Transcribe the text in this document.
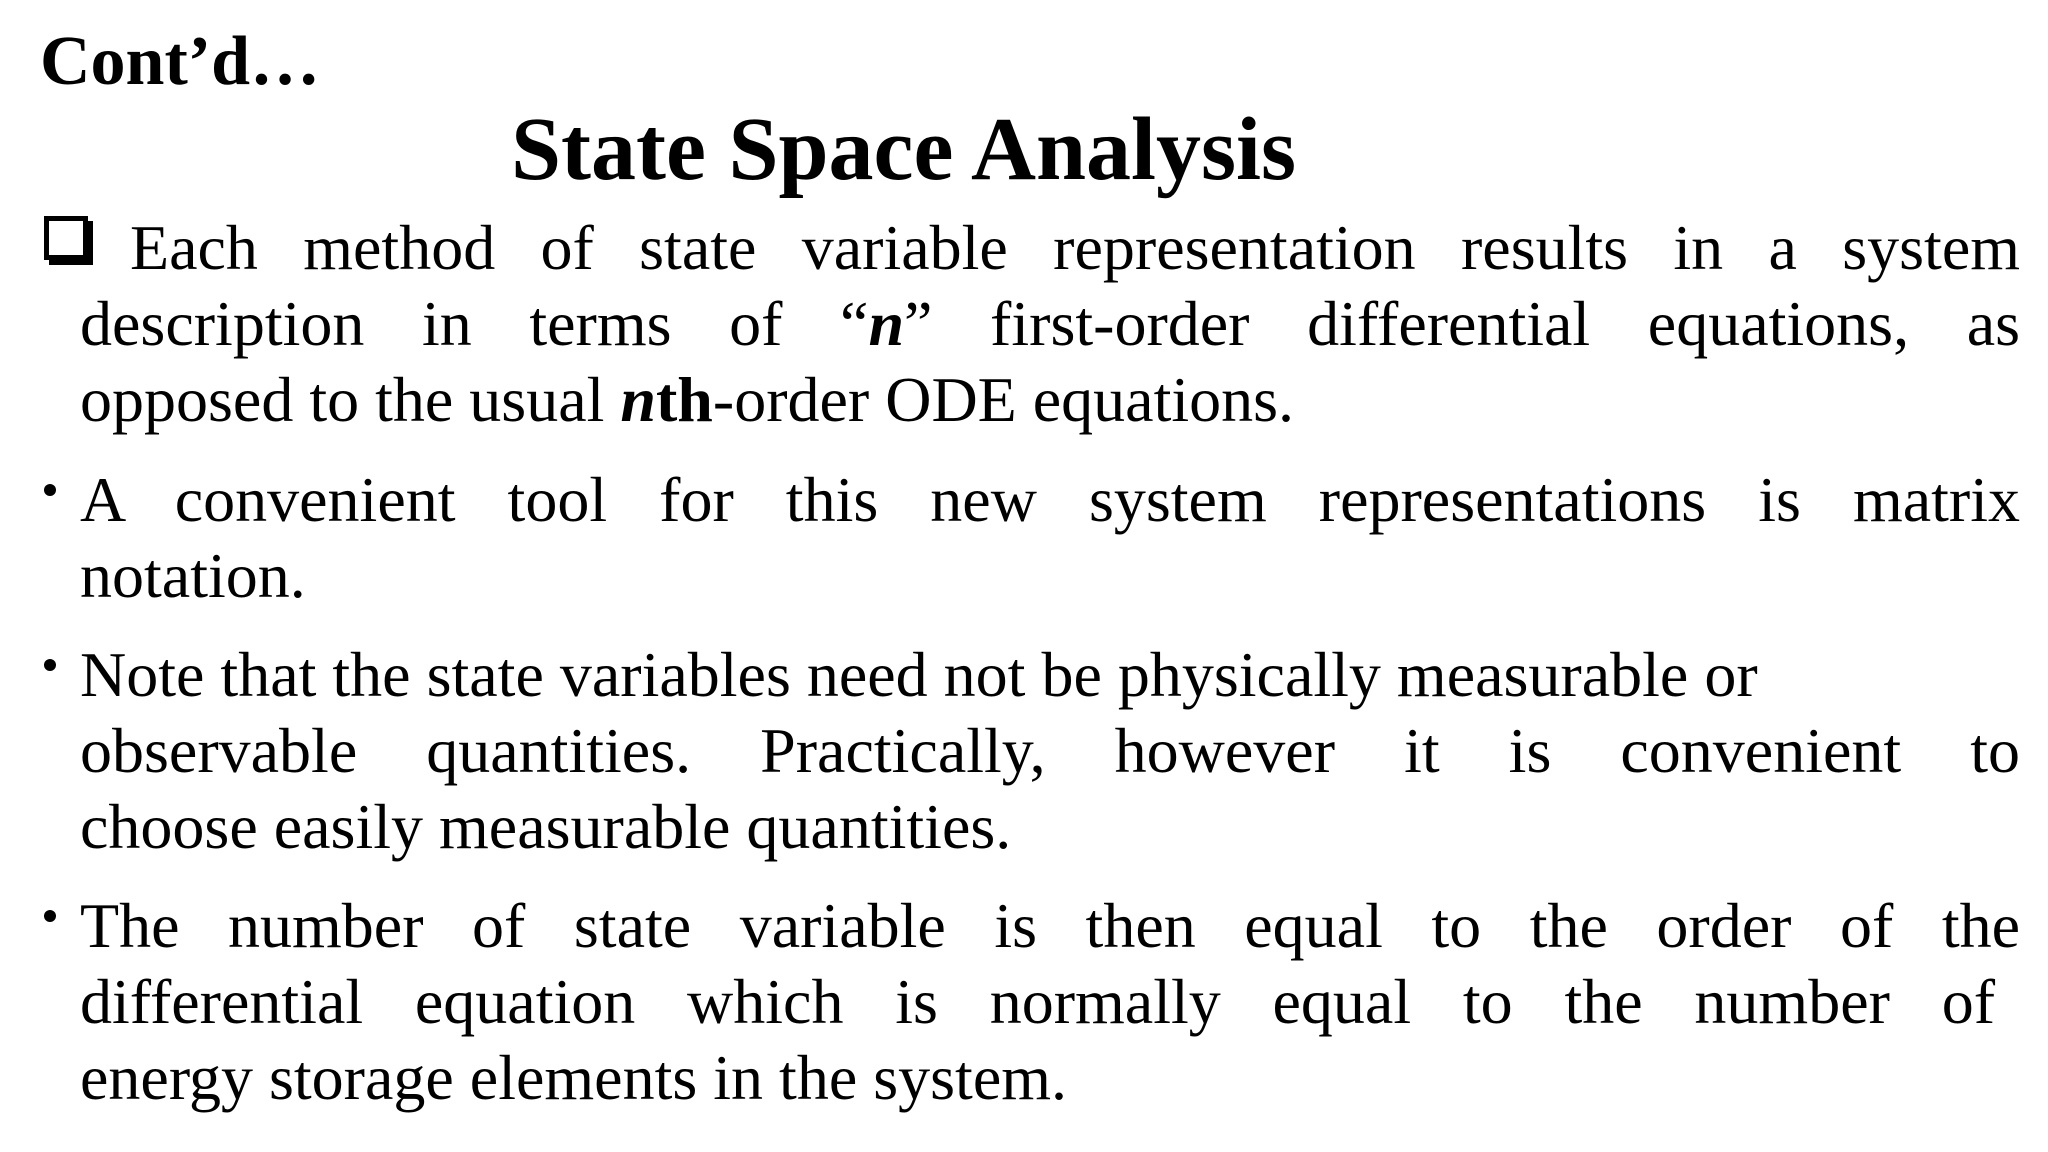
Cont’d…
State Space Analysis
Each method of state variable representation results in a system
description in terms of “n” first-order differential equations, as
opposed to the usual nth-order ODE equations.
A convenient tool for this new system representations is matrix
notation.
Note that the state variables need not be physically measurable or
observable quantities. Practically, however it is convenient to
choose easily measurable quantities.
The number of state variable is then equal to the order of the
differential equation which is normally equal to the number of
energy storage elements in the system.
